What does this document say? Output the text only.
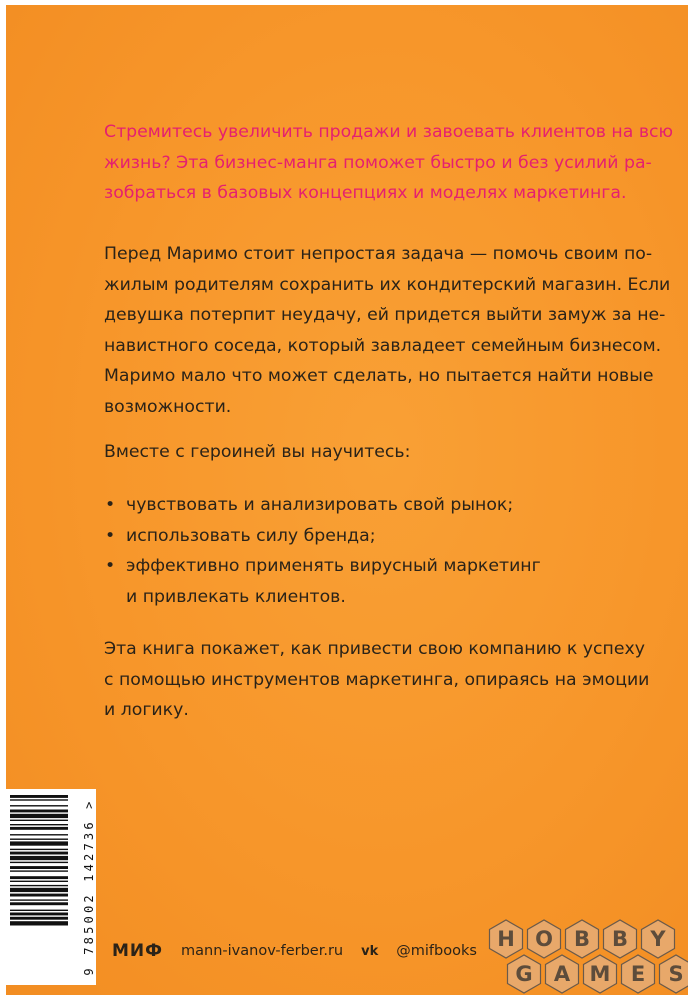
Стремитесь увеличить продажи и завоевать клиентов на всю
жизнь? Эта бизнес-манга поможет быстро и без усилий ра-
зобраться в базовых концепциях и моделях маркетинга.
Перед Маримо стоит непростая задача — помочь своим по-
жилым родителям сохранить их кондитерский магазин. Если
девушка потерпит неудачу, ей придется выйти замуж за не-
навистного соседа, который завладеет семейным бизнесом.
Маримо мало что может сделать, но пытается найти новые
возможности.
Вместе с героиней вы научитесь:
• чувствовать и анализировать свой рынок;
• использовать силу бренда;
• эффективно применять вирусный маркетинг
и привлекать клиентов.
Эта книга покажет, как привести свою компанию к успеху
с помощью инструментов маркетинга, опираясь на эмоции
и логику.
9 785002 142736 > МИФ mann-ivanov-ferber.ru vk @mifbooks H O B B Y
G A M E S
